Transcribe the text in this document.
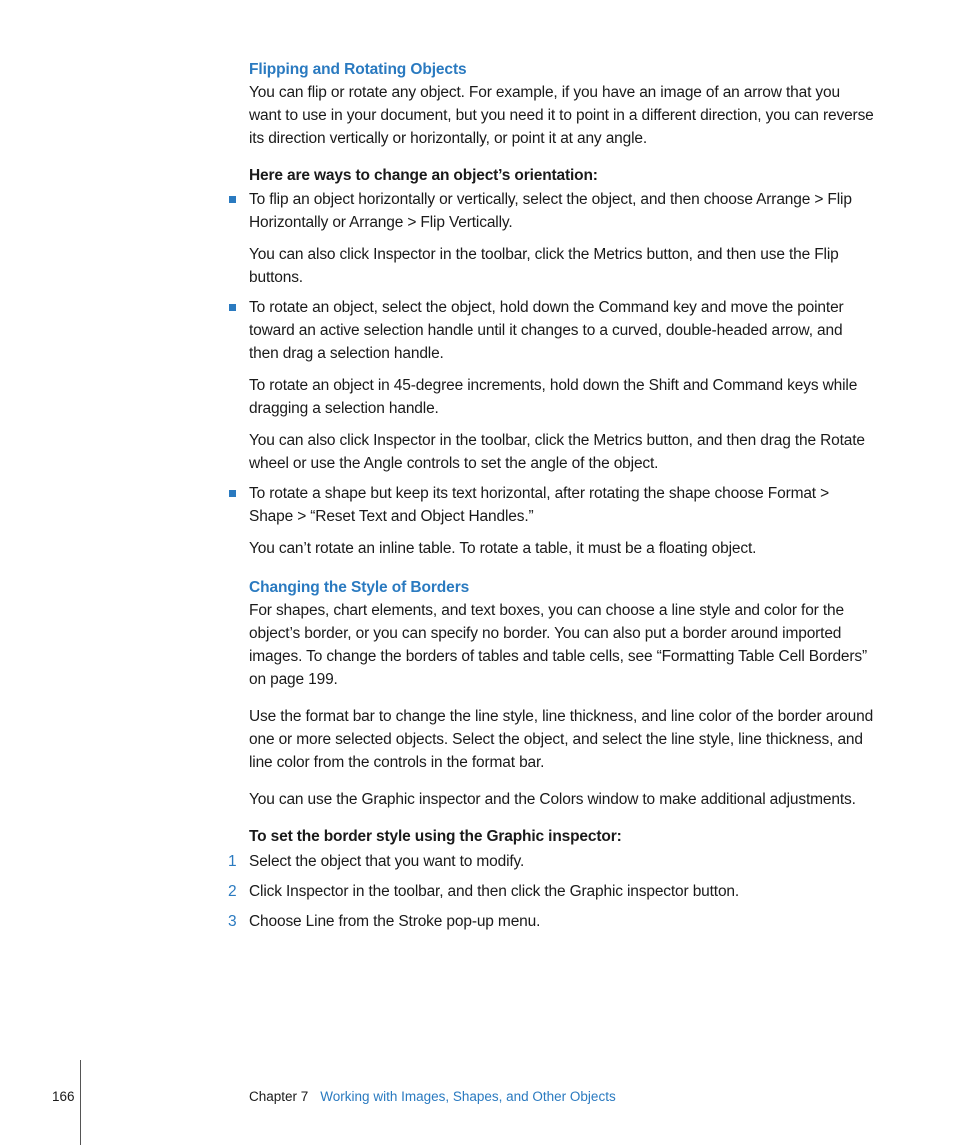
Flipping and Rotating Objects

You can flip or rotate any object. For example, if you have an image of an arrow that you want to use in your document, but you need it to point in a different direction, you can reverse its direction vertically or horizontally, or point it at any angle.

Here are ways to change an object’s orientation:

To flip an object horizontally or vertically, select the object, and then choose Arrange > Flip Horizontally or Arrange > Flip Vertically.

You can also click Inspector in the toolbar, click the Metrics button, and then use the Flip buttons.

To rotate an object, select the object, hold down the Command key and move the pointer toward an active selection handle until it changes to a curved, double-headed arrow, and then drag a selection handle.

To rotate an object in 45-degree increments, hold down the Shift and Command keys while dragging a selection handle.

You can also click Inspector in the toolbar, click the Metrics button, and then drag the Rotate wheel or use the Angle controls to set the angle of the object.

To rotate a shape but keep its text horizontal, after rotating the shape choose Format > Shape > “Reset Text and Object Handles.”

You can’t rotate an inline table. To rotate a table, it must be a floating object.

Changing the Style of Borders

For shapes, chart elements, and text boxes, you can choose a line style and color for the object’s border, or you can specify no border. You can also put a border around imported images. To change the borders of tables and table cells, see “Formatting Table Cell Borders” on page 199.

Use the format bar to change the line style, line thickness, and line color of the border around one or more selected objects. Select the object, and select the line style, line thickness, and line color from the controls in the format bar.

You can use the Graphic inspector and the Colors window to make additional adjustments.

To set the border style using the Graphic inspector:

1 Select the object that you want to modify.

2 Click Inspector in the toolbar, and then click the Graphic inspector button.

3 Choose Line from the Stroke pop-up menu.

166	Chapter 7 Working with Images, Shapes, and Other Objects
